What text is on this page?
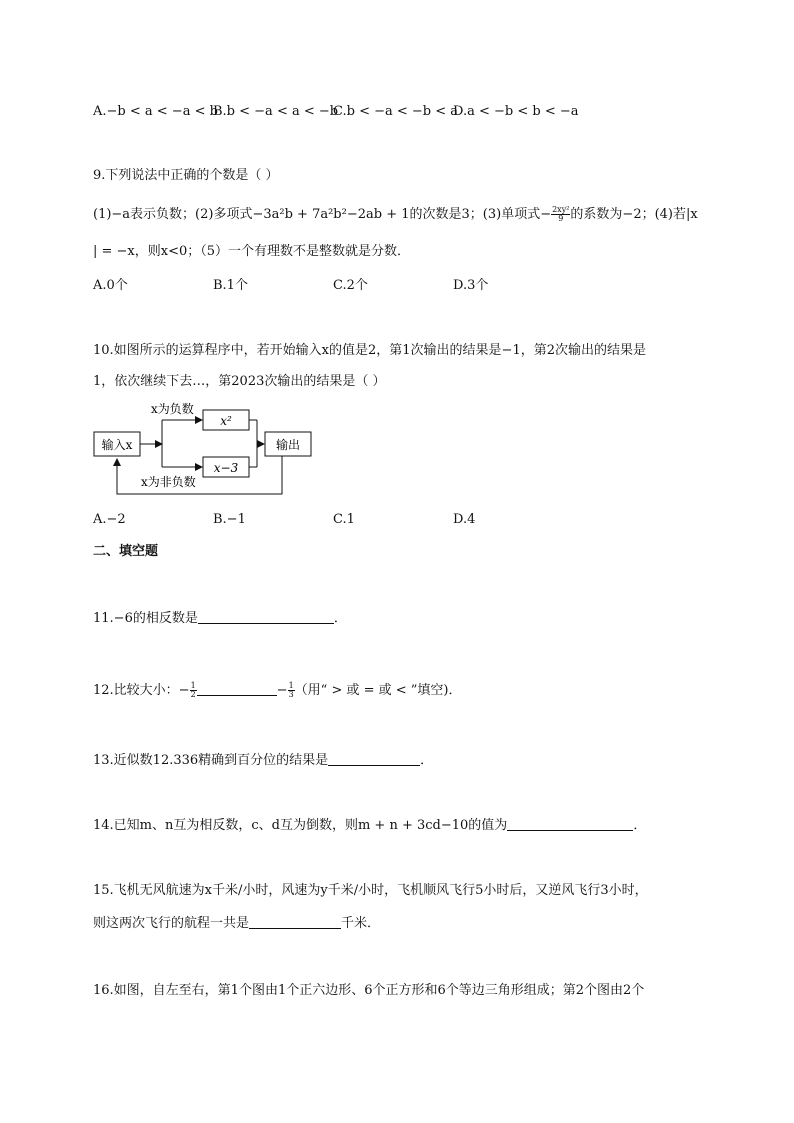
A.−b < a < −a < b
B.b < −a < a < −b
C.b < −a < −b < a
D.a < −b < b < −a
9.下列说法中正确的个数是（ ）
(1)−a表示负数；(2)多项式−3a²b + 7a²b²−2ab + 1的次数是3；(3)单项式− $\frac{\text{2xy²}}{9}$ 的系数为−2；(4)若|x
| = −x，则x<0；（5）一个有理数不是整数就是分数．
A.0个	B.1个	C.2个	D.3个
10.如图所示的运算程序中，若开始输入x的值是2，第1次输出的结果是−1，第2次输出的结果是
1，依次继续下去…，第2023次输出的结果是（ ）
输入x
x²
x−3
输出
x为负数
x为非负数
A.−2	B.−1	C.1	D.4
二、填空题
11.−6的相反数是	．
12.比较大小：− $\frac{1}{2}$	− $\frac{1}{3}$ （用“ > 或 = 或 < ”填空)．
13.近似数12.336精确到百分位的结果是	．
14.已知m、n互为相反数，c、d互为倒数，则m + n + 3cd−10的值为	．
15.飞机无风航速为x千米/小时，风速为y千米/小时，飞机顺风飞行5小时后，又逆风飞行3小时，
则这两次飞行的航程一共是	千米．
16.如图，自左至右，第1个图由1个正六边形、6个正方形和6个等边三角形组成；第2个图由2个
